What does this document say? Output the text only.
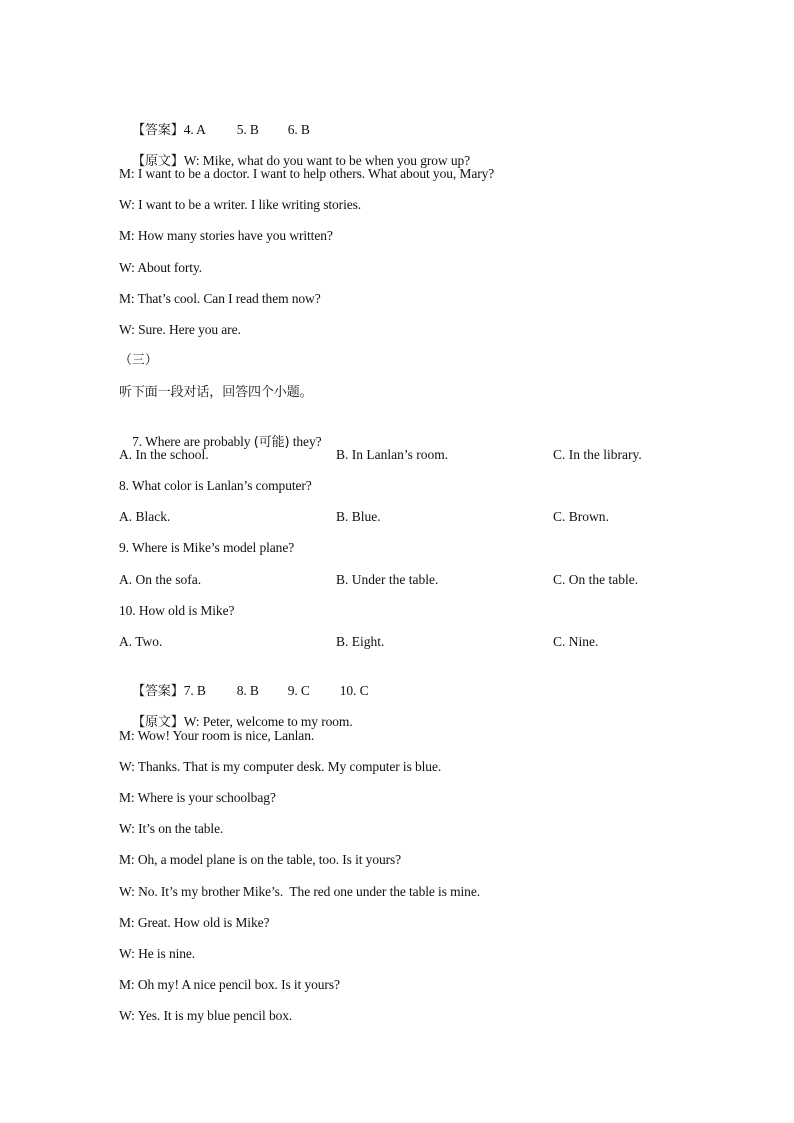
【答案】4. A 5. B 6. B

【原文】W: Mike, what do you want to be when you grow up?

M: I want to be a doctor. I want to help others. What about you, Mary?
W: I want to be a writer. I like writing stories.
M: How many stories have you written?
W: About forty.
M: That’s cool. Can I read them now?
W: Sure. Here you are.
（三）
听下面一段对话，回答四个小题。

7. Where are probably (可能) they?

A. In the school.	B. In Lanlan’s room.	C. In the library.
8. What color is Lanlan’s computer?
A. Black.	B. Blue.	C. Brown.
9. Where is Mike’s model plane?
A. On the sofa.	B. Under the table.	C. On the table.
10. How old is Mike?
A. Two.	B. Eight.	C. Nine.

【答案】7. B 8. B 9. C 10. C

【原文】W: Peter, welcome to my room.

M: Wow! Your room is nice, Lanlan.
W: Thanks. That is my computer desk. My computer is blue.
M: Where is your schoolbag?
W: It’s on the table.
M: Oh, a model plane is on the table, too. Is it yours?
W: No. It’s my brother Mike’s.  The red one under the table is mine.
M: Great. How old is Mike?
W: He is nine.
M: Oh my! A nice pencil box. Is it yours?
W: Yes. It is my blue pencil box.
